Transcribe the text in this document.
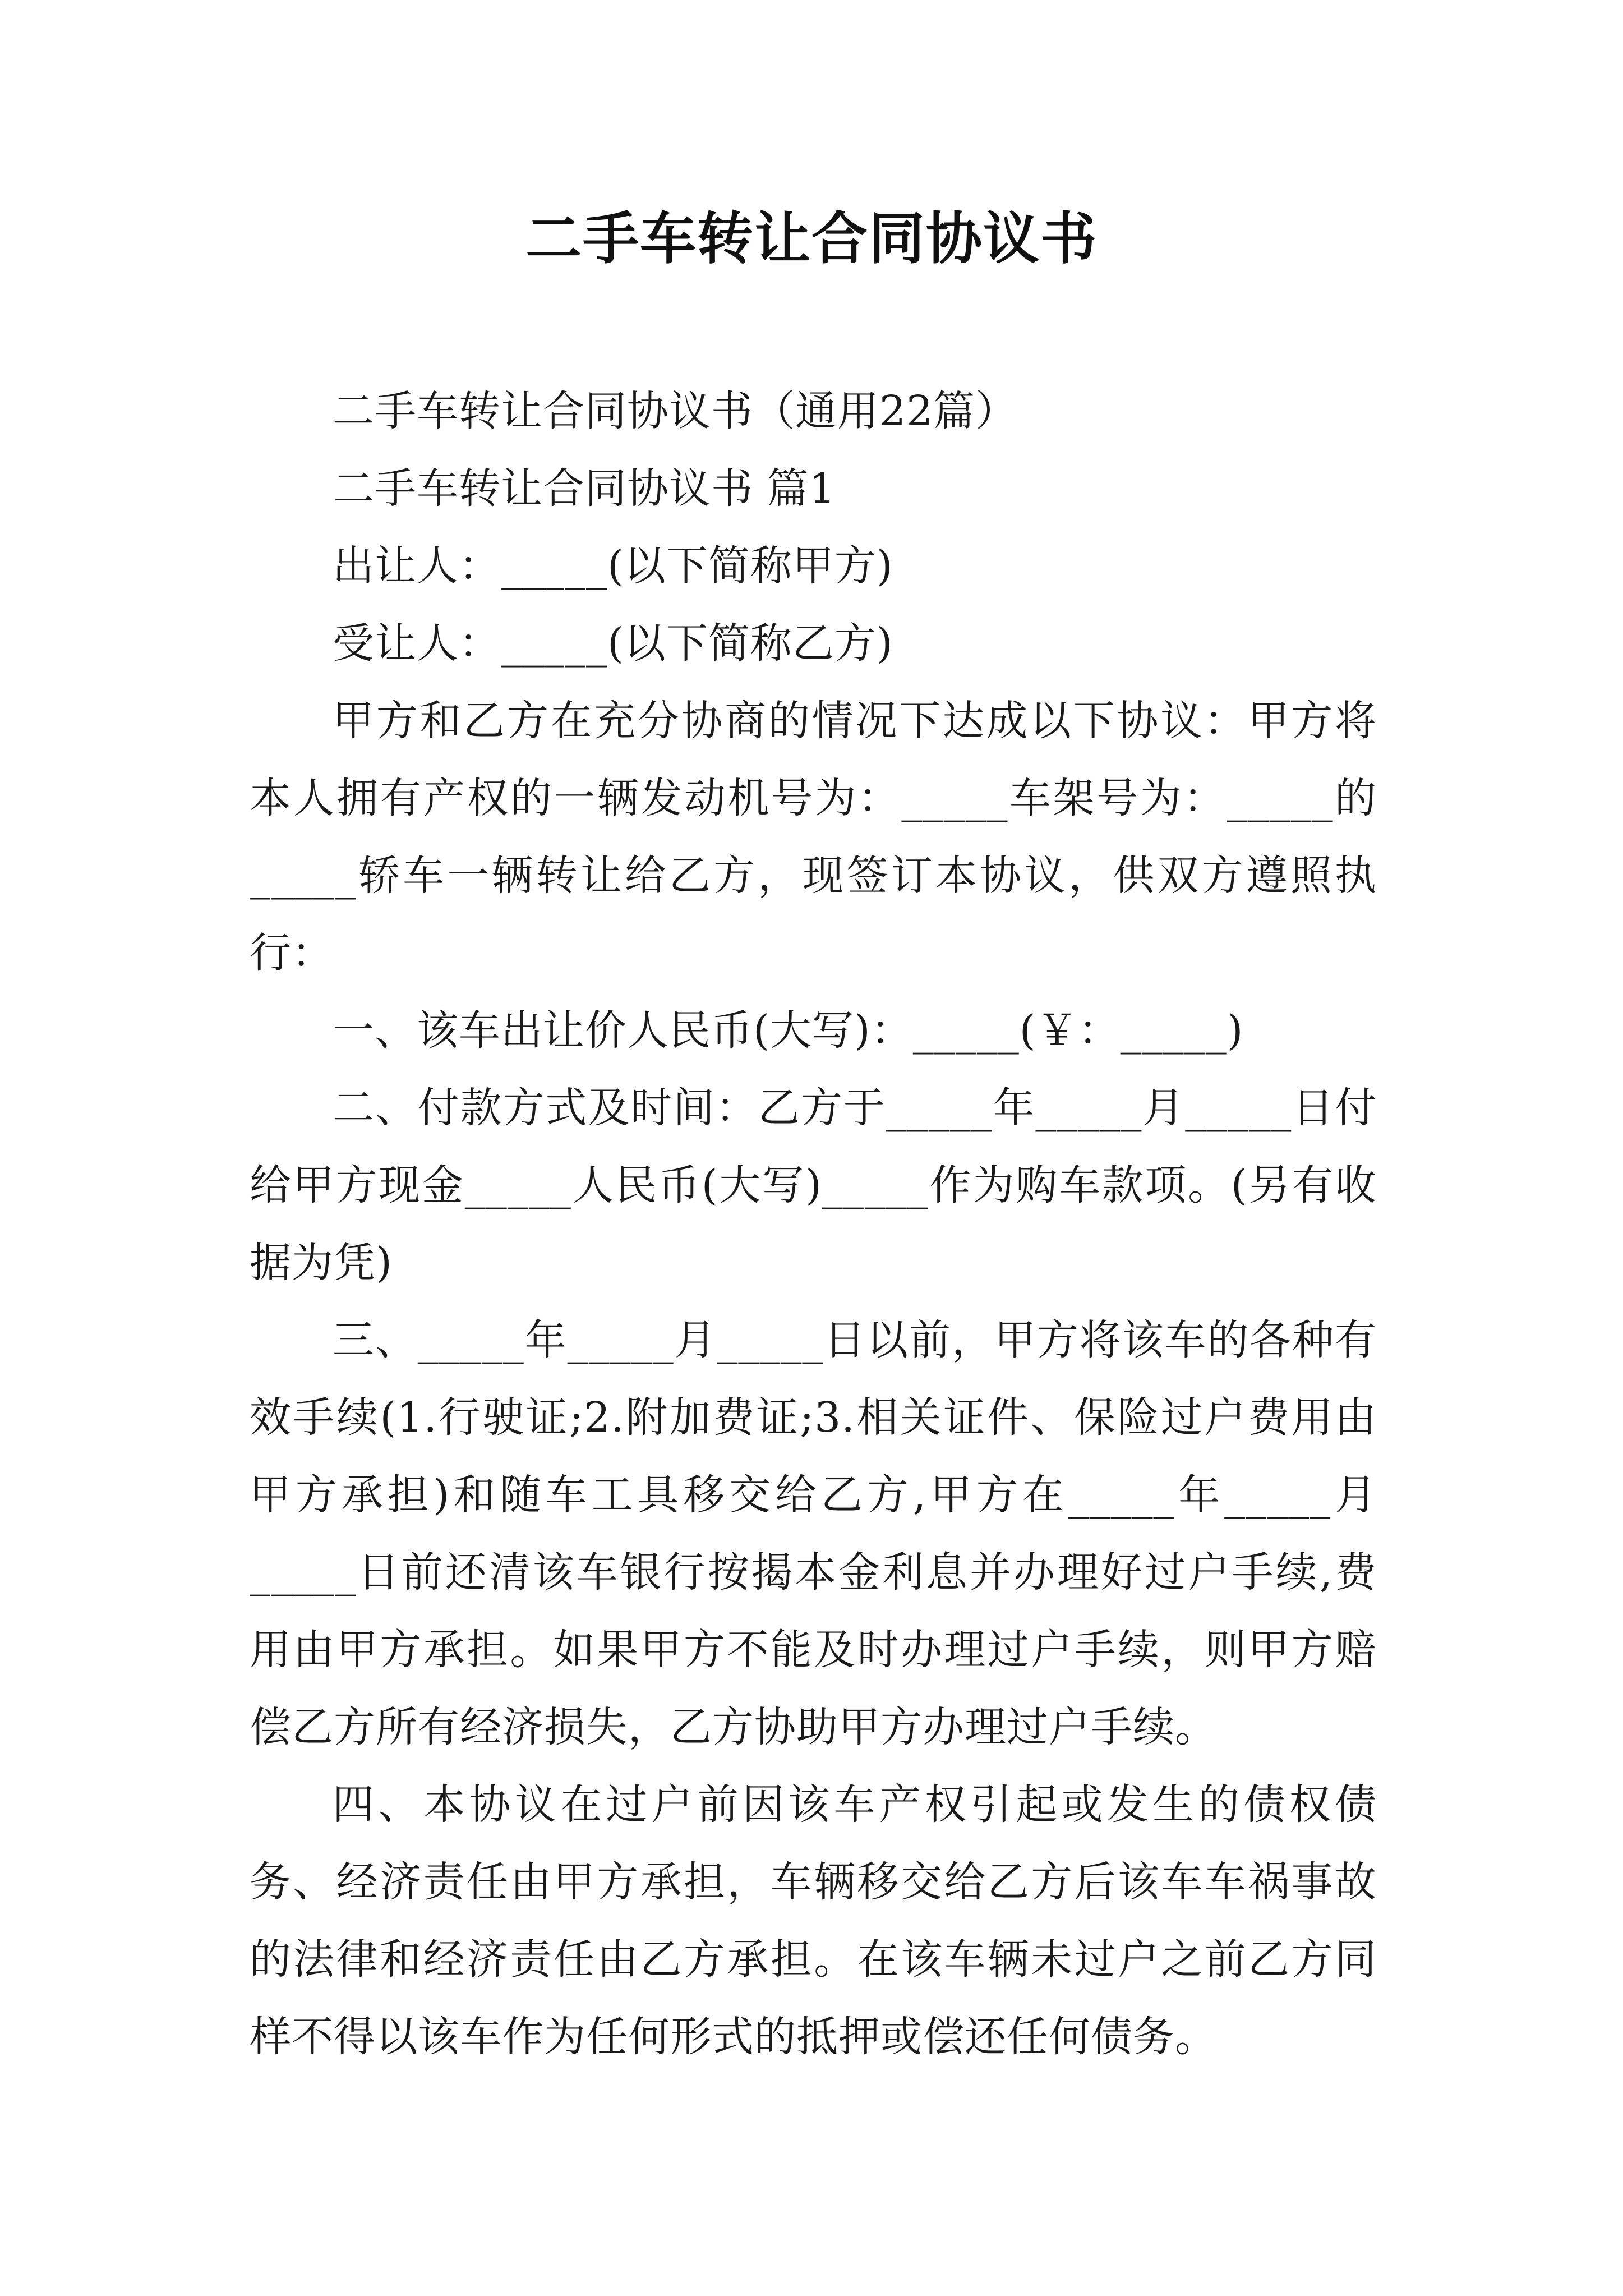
二手车转让合同协议书

二手车转让合同协议书（通用22篇）

二手车转让合同协议书 篇1

出让人：_____(以下简称甲方)

受让人：_____(以下简称乙方)

甲方和乙方在充分协商的情况下达成以下协议：甲方将本人拥有产权的一辆发动机号为：_____车架号为：_____的_____轿车一辆转让给乙方，现签订本协议，供双方遵照执行：

一、该车出让价人民币(大写)：_____(￥：_____)

二、付款方式及时间：乙方于_____年_____月_____日付给甲方现金_____人民币(大写)_____作为购车款项。(另有收据为凭)

三、_____年_____月_____日以前，甲方将该车的各种有效手续(1.行驶证;2.附加费证;3.相关证件、保险过户费用由甲方承担)和随车工具移交给乙方,甲方在_____年_____月_____日前还清该车银行按揭本金利息并办理好过户手续,费用由甲方承担。如果甲方不能及时办理过户手续，则甲方赔偿乙方所有经济损失，乙方协助甲方办理过户手续。

四、本协议在过户前因该车产权引起或发生的债权债务、经济责任由甲方承担，车辆移交给乙方后该车车祸事故的法律和经济责任由乙方承担。在该车辆未过户之前乙方同样不得以该车作为任何形式的抵押或偿还任何债务。
